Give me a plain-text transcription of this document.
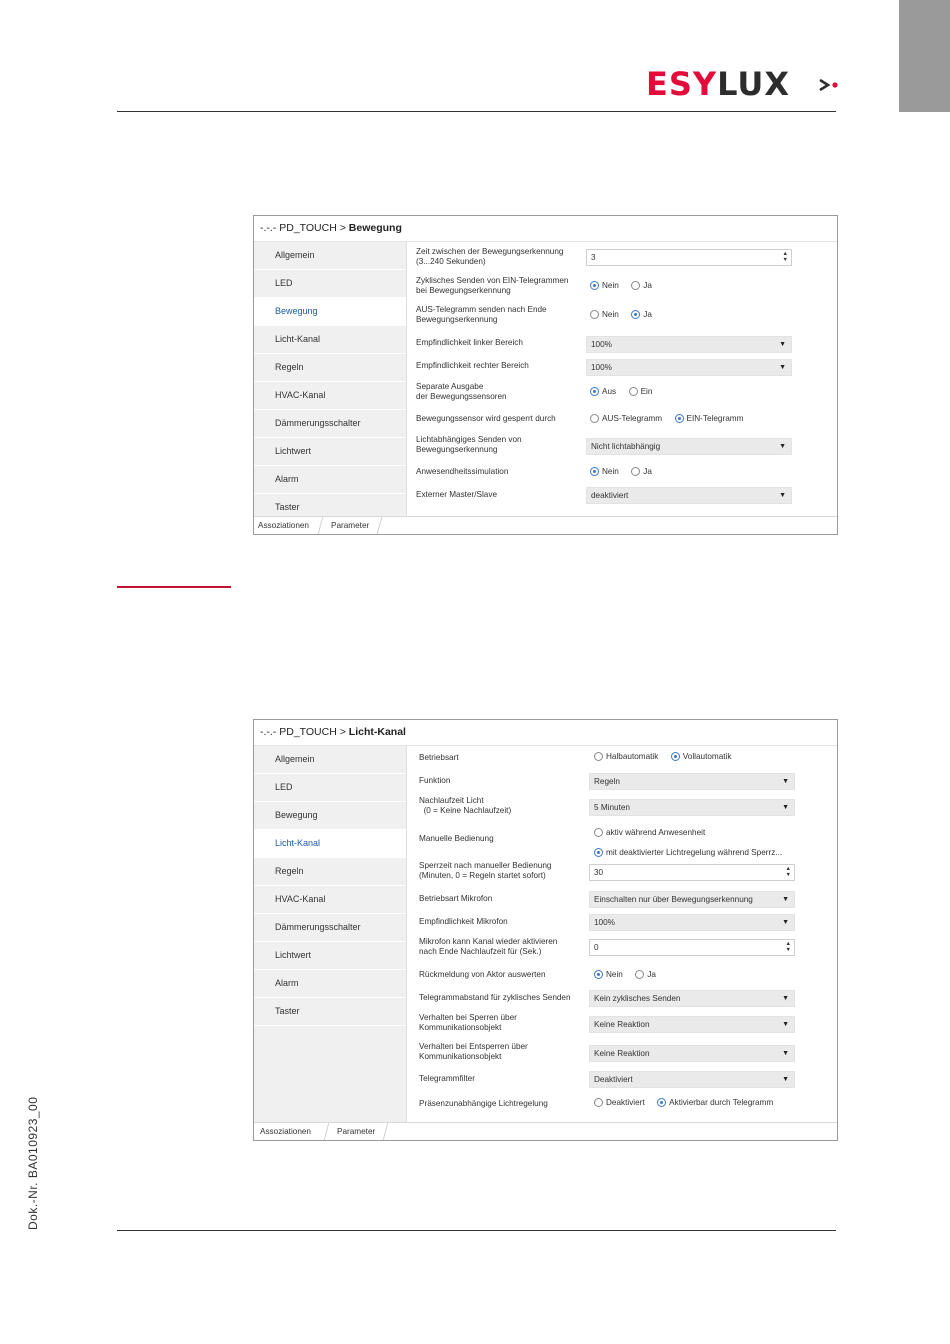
ESYLUX
Dok.-Nr. BA010923_00
-.-.- PD_TOUCH > Bewegung
Allgemein
LED
Bewegung
Licht-Kanal
Regeln
HVAC-Kanal
Dämmerungsschalter
Lichtwert
Alarm
Taster
Zeit zwischen der Bewegungserkennung
(3...240 Sekunden)	3	▲
▼
Zyklisches Senden von EIN-Telegrammen
bei Bewegungserkennung
Nein	Ja
AUS-Telegramm senden nach Ende
Bewegungserkennung
Nein	Ja
Empfindlichkeit linker Bereich	100%	▼
Empfindlichkeit rechter Bereich	100%	▼
Separate Ausgabe
der Bewegungssensoren
Aus	Ein
Bewegungssensor wird gesperrt durch	AUS-Telegramm	EIN-Telegramm
Lichtabhängiges Senden von
Bewegungserkennung	Nicht lichtabhängig	▼
Anwesendheitssimulation	Nein	Ja
Externer Master/Slave	deaktiviert	▼
Assoziationen	Parameter
-.-.- PD_TOUCH > Licht-Kanal
Allgemein
LED
Bewegung
Licht-Kanal
Regeln
HVAC-Kanal
Dämmerungsschalter
Lichtwert
Alarm
Taster
Betriebsart	Halbautomatik	Vollautomatik
Funktion	Regeln	▼
Nachlaufzeit Licht
(0 = Keine Nachlaufzeit)	5 Minuten	▼
Manuelle Bedienung
aktiv während Anwesenheit
mit deaktivierter Lichtregelung während Sperrz...
Sperrzeit nach manueller Bedienung
(Minuten, 0 = Regeln startet sofort)	30	▲
▼
Betriebsart Mikrofon	Einschalten nur über Bewegungserkennung	▼
Empfindlichkeit Mikrofon	100%	▼
Mikrofon kann Kanal wieder aktivieren
nach Ende Nachlaufzeit für (Sek.)	0	▲
▼
Rückmeldung von Aktor auswerten	Nein	Ja
Telegrammabstand für zyklisches Senden	Kein zyklisches Senden	▼
Verhalten bei Sperren über
Kommunikationsobjekt	Keine Reaktion	▼
Verhalten bei Entsperren über
Kommunikationsobjekt	Keine Reaktion	▼
Telegrammfilter	Deaktiviert	▼
Präsenzunabhängige Lichtregelung	Deaktiviert	Aktivierbar durch Telegramm
Assoziationen	Parameter
